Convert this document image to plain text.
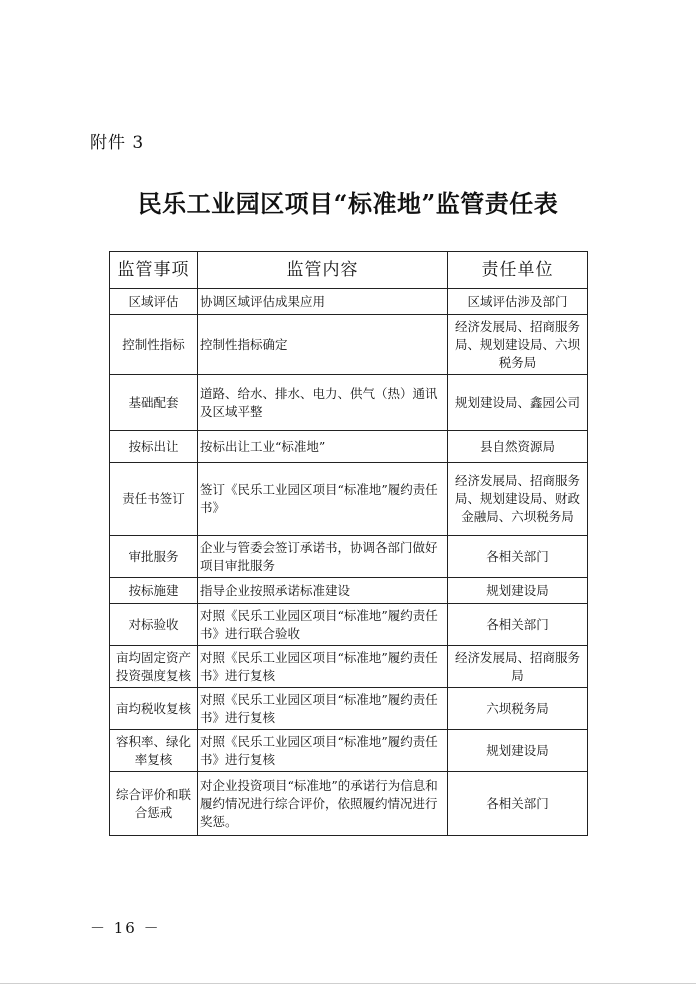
附件 3
民乐工业园区项目“标准地”监管责任表
监管事项	监管内容	责任单位
区域评估	协调区域评估成果应用	区域评估涉及部门
控制性指标	控制性指标确定	经济发展局、招商服务局、规划建设局、六坝税务局
基础配套	道路、给水、排水、电力、供气（热）通讯及区域平整	规划建设局、鑫园公司
按标出让	按标出让工业“标准地”	县自然资源局
责任书签订	签订《民乐工业园区项目“标准地”履约责任书》	经济发展局、招商服务局、规划建设局、财政金融局、六坝税务局
审批服务	企业与管委会签订承诺书，协调各部门做好项目审批服务	各相关部门
按标施建	指导企业按照承诺标准建设	规划建设局
对标验收	对照《民乐工业园区项目“标准地”履约责任书》进行联合验收	各相关部门
亩均固定资产投资强度复核	对照《民乐工业园区项目“标准地”履约责任书》进行复核	经济发展局、招商服务局
亩均税收复核	对照《民乐工业园区项目“标准地”履约责任书》进行复核	六坝税务局
容积率、绿化率复核	对照《民乐工业园区项目“标准地”履约责任书》进行复核	规划建设局
综合评价和联合惩戒	对企业投资项目“标准地”的承诺行为信息和履约情况进行综合评价，依照履约情况进行奖惩。	各相关部门
－ 16 －
